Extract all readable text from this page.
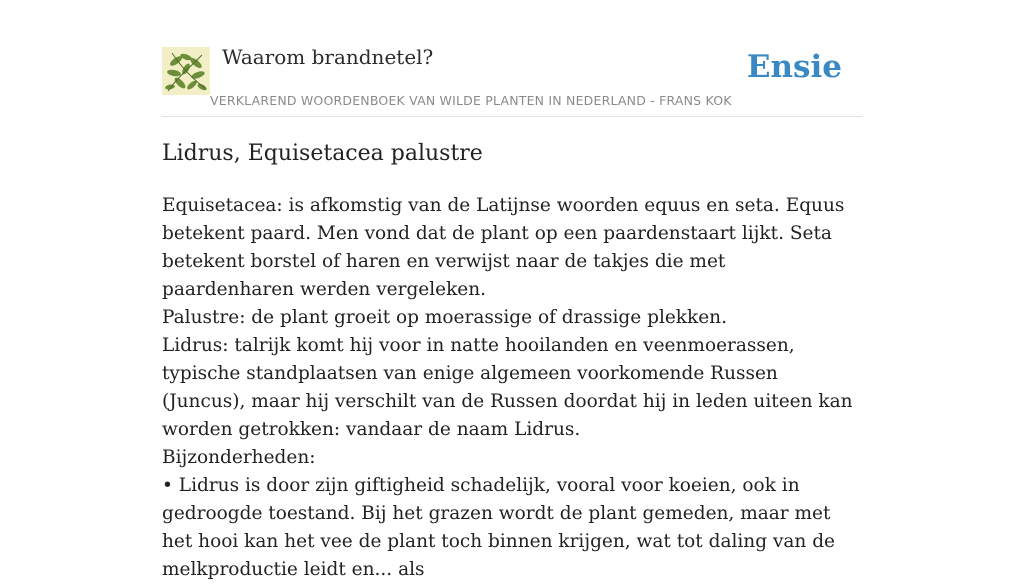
Waarom brandnetel?
VERKLAREND WOORDENBOEK VAN WILDE PLANTEN IN NEDERLAND - FRANS KOK
Ensie
Lidrus, Equisetacea palustre

Equisetacea: is afkomstig van de Latijnse woorden equus en seta. Equus betekent paard. Men vond dat de plant op een paardenstaart lijkt. Seta betekent borstel of haren en verwijst naar de takjes die met paardenharen werden vergeleken.

Palustre: de plant groeit op moerassige of drassige plekken.

Lidrus: talrijk komt hij voor in natte hooilanden en veenmoerassen, typische standplaatsen van enige algemeen voorkomende Russen (Juncus), maar hij verschilt van de Russen doordat hij in leden uiteen kan worden getrokken: vandaar de naam Lidrus.

Bijzonderheden:

• Lidrus is door zijn giftigheid schadelijk, vooral voor koeien, ook in gedroogde toestand. Bij het grazen wordt de plant gemeden, maar met het hooi kan het vee de plant toch binnen krijgen, wat tot daling van de melkproductie leidt en... als
